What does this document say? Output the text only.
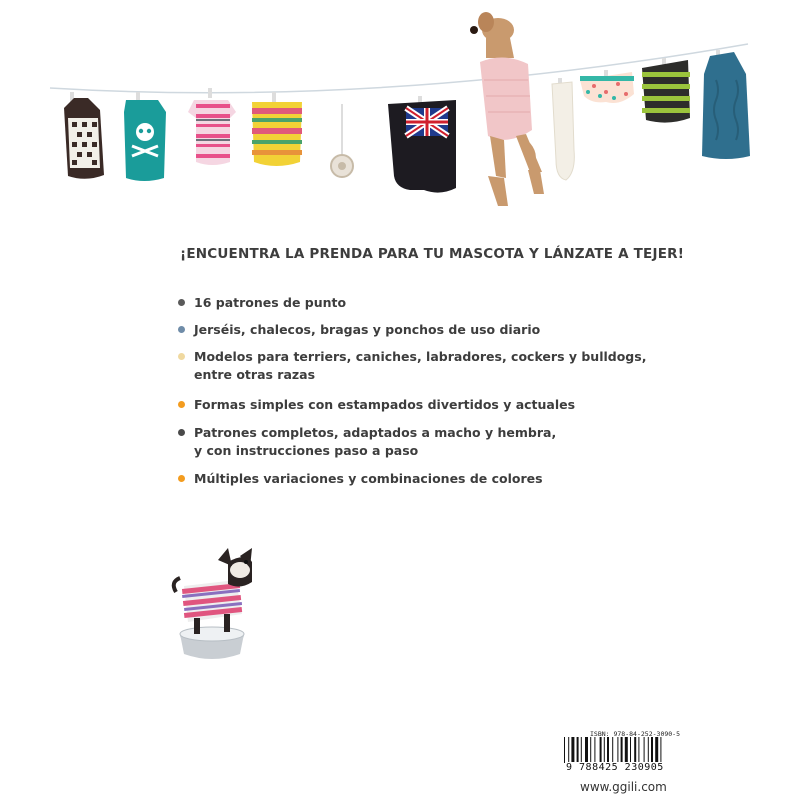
¡ENCUENTRA LA PRENDA PARA TU MASCOTA Y LÁNZATE A TEJER!
16 patrones de punto
Jerséis, chalecos, bragas y ponchos de uso diario
Modelos para terriers, caniches, labradores, cockers y bulldogs,
entre otras razas
Formas simples con estampados divertidos y actuales
Patrones completos, adaptados a macho y hembra,
y con instrucciones paso a paso
Múltiples variaciones y combinaciones de colores

ISBN: 978-84-252-3090-5

9 788425 230905

www.ggili.com
